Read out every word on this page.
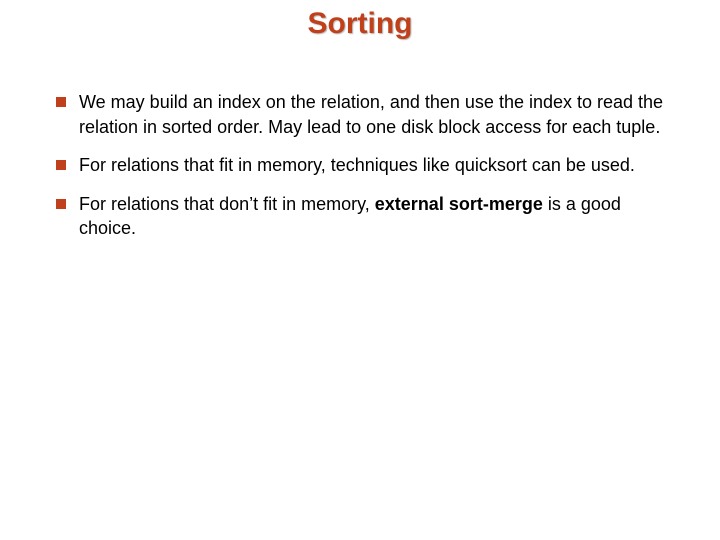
Sorting
We may build an index on the relation, and then use the index to read the relation in sorted order. May lead to one disk block access for each tuple.
For relations that fit in memory, techniques like quicksort can be used.
For relations that don’t fit in memory, external sort-merge is a good choice.
